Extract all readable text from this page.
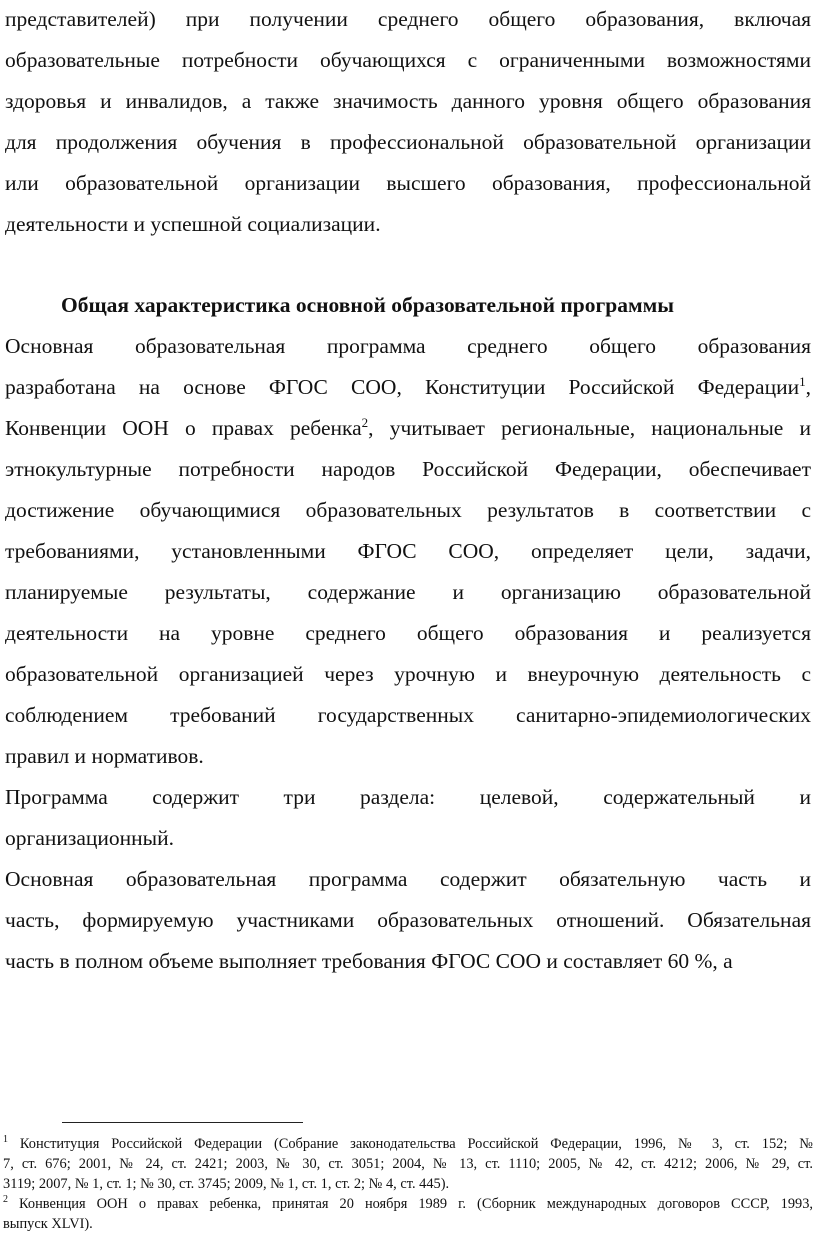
представителей) при получении среднего общего образования, включая
образовательные потребности обучающихся с ограниченными возможностями
здоровья и инвалидов, а также значимость данного уровня общего образования
для продолжения обучения в профессиональной образовательной организации
или образовательной организации высшего образования, профессиональной
деятельности и успешной социализации.
Общая характеристика основной образовательной программы
Основная образовательная программа среднего общего образования
разработана на основе ФГОС СОО, Конституции Российской Федерации$^1$,
Конвенции ООН о правах ребенка$^2$, учитывает региональные, национальные и
этнокультурные потребности народов Российской Федерации, обеспечивает
достижение обучающимися образовательных результатов в соответствии с
требованиями, установленными ФГОС СОО, определяет цели, задачи,
планируемые результаты, содержание и организацию образовательной
деятельности на уровне среднего общего образования и реализуется
образовательной организацией через урочную и внеурочную деятельность с
соблюдением требований государственных санитарно-эпидемиологических
правил и нормативов.
Программа содержит три раздела: целевой, содержательный и
организационный.
Основная образовательная программа содержит обязательную часть и
часть, формируемую участниками образовательных отношений. Обязательная
часть в полном объеме выполняет требования ФГОС СОО и составляет 60 %, а
$^1$ Конституция Российской Федерации (Собрание законодательства Российской Федерации, 1996, № 3, ст. 152; №
7, ст. 676; 2001, № 24, ст. 2421; 2003, № 30, ст. 3051; 2004, № 13, ст. 1110; 2005, № 42, ст. 4212; 2006, № 29, ст.
3119; 2007, № 1, ст. 1; № 30, ст. 3745; 2009, № 1, ст. 1, ст. 2; № 4, ст. 445).
$^2$ Конвенция ООН о правах ребенка, принятая 20 ноября 1989 г. (Сборник международных договоров СССР, 1993,
выпуск XLVI).
